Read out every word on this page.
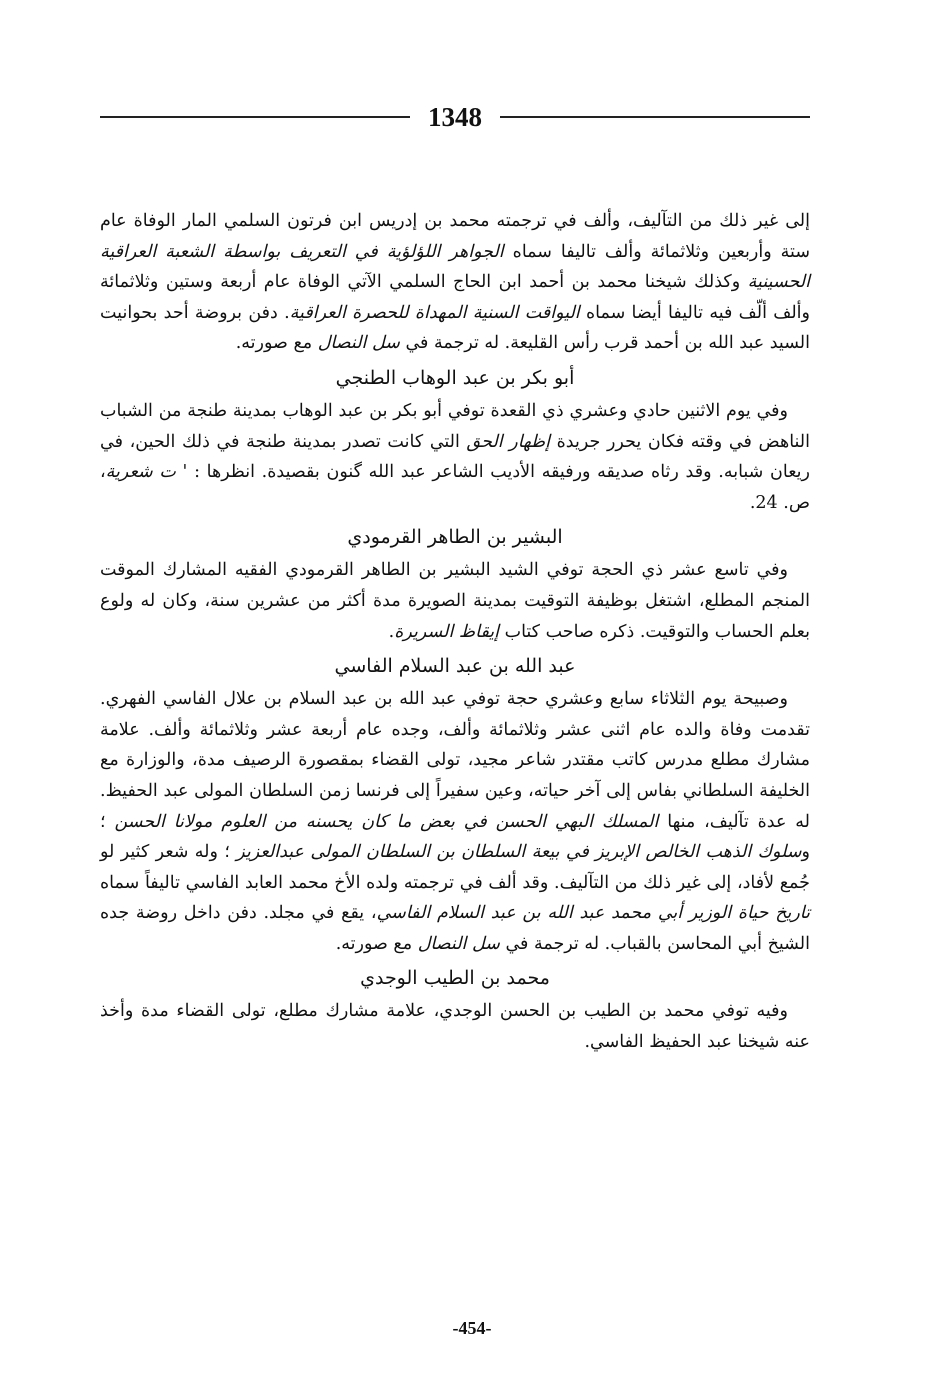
1348

إلى غير ذلك من التآليف، وألف في ترجمته محمد بن إدريس ابن فرتون السلمي المار الوفاة عام ستة وأربعين وثلاثمائة وألف تاليفا سماه الجواهر اللؤلؤية في التعريف بواسطة الشعبة العراقية الحسينية وكذلك شيخنا محمد بن أحمد ابن الحاج السلمي الآتي الوفاة عام أربعة وستين وثلاثمائة وألف ألّف فيه تاليفا أيضا سماه اليواقت السنية المهداة للحصرة العراقية. دفن بروضة أحد بحوانيت السيد عبد الله بن أحمد قرب رأس القليعة. له ترجمة في سل النصال مع صورته.

أبو بكر بن عبد الوهاب الطنجي

وفي يوم الاثنين حادي وعشري ذي القعدة توفي أبو بكر بن عبد الوهاب بمدينة طنجة من الشباب الناهض في وقته فكان يحرر جريدة إظهار الحق التي كانت تصدر بمدينة طنجة في ذلك الحين، في ريعان شبابه. وقد رثاه صديقه ورفيقه الأديب الشاعر عبد الله گنون بقصيدة. انظرها : ' ت شعرية، ص. 24.

البشير بن الطاهر القرمودي

وفي تاسع عشر ذي الحجة توفي الشيد البشير بن الطاهر القرمودي الفقيه المشارك الموقت المنجم المطلع، اشتغل بوظيفة التوقيت بمدينة الصويرة مدة أكثر من عشرين سنة، وكان له ولوع بعلم الحساب والتوقيت. ذكره صاحب كتاب إيقاظ السريرة.

عبد الله بن عبد السلام الفاسي

وصبيحة يوم الثلاثاء سابع وعشري حجة توفي عبد الله بن عبد السلام بن علال الفاسي الفهري. تقدمت وفاة والده عام اثنى عشر وثلاثمائة وألف، وجده عام أربعة عشر وثلاثمائة وألف. علامة مشارك مطلع مدرس كاتب مقتدر شاعر مجيد، تولى القضاء بمقصورة الرصيف مدة، والوزارة مع الخليفة السلطاني بفاس إلى آخر حياته، وعين سفيراً إلى فرنسا زمن السلطان المولى عبد الحفيظ. له عدة تآليف، منها المسلك البهي الحسن في بعض ما كان يحسنه من العلوم مولانا الحسن ؛ وسلوك الذهب الخالص الإبريز في بيعة السلطان بن السلطان المولى عبدالعزيز ؛ وله شعر كثير لو جُمع لأفاد، إلى غير ذلك من التآليف. وقد ألف في ترجمته ولده الأخ محمد العابد الفاسي تاليفاً سماه تاريخ حياة الوزير أبي محمد عبد الله بن عبد السلام الفاسي، يقع في مجلد. دفن داخل روضة جده الشيخ أبي المحاسن بالقباب. له ترجمة في سل النصال مع صورته.

محمد بن الطيب الوجدي

وفيه توفي محمد بن الطيب بن الحسن الوجدي، علامة مشارك مطلع، تولى القضاء مدة وأخذ عنه شيخنا عبد الحفيظ الفاسي.

-454-
